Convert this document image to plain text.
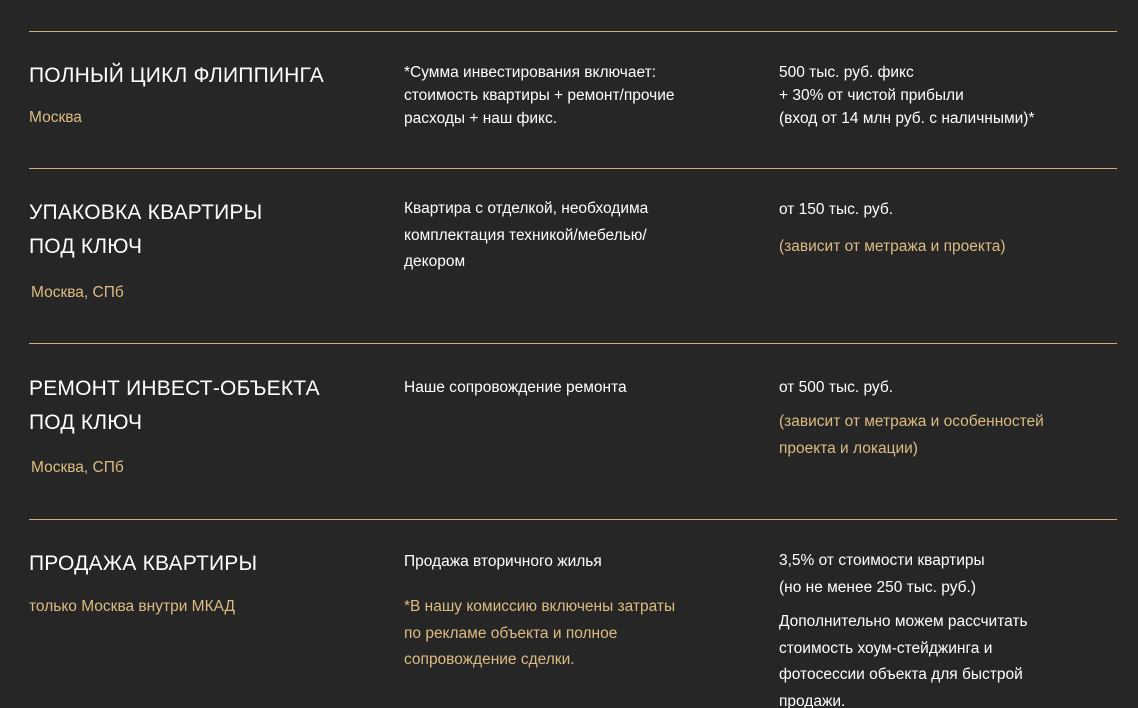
ПОЛНЫЙ ЦИКЛ ФЛИППИНГА
Москва
*Сумма инвестирования включает:
стоимость квартиры + ремонт/прочие
расходы + наш фикс.
500 тыс. руб. фикс
+ 30% от чистой прибыли
(вход от 14 млн руб. с наличными)*
УПАКОВКА КВАРТИРЫ
ПОД КЛЮЧ
Москва, СПб
Квартира с отделкой, необходима
комплектация техникой/мебелью/
декором
от 150 тыс. руб.
(зависит от метража и проекта)
РЕМОНТ ИНВЕСТ-ОБЪЕКТА
ПОД КЛЮЧ
Москва, СПб
Наше сопровождение ремонта	от 500 тыс. руб.
(зависит от метража и особенностей
проекта и локации)
ПРОДАЖА КВАРТИРЫ
только Москва внутри МКАД
Продажа вторичного жилья
*В нашу комиссию включены затраты
по рекламе объекта и полное
сопровождение сделки.
3,5% от стоимости квартиры
(но не менее 250 тыс. руб.)
Дополнительно можем рассчитать
стоимость хоум-стейджинга и
фотосессии объекта для быстрой
продажи.
